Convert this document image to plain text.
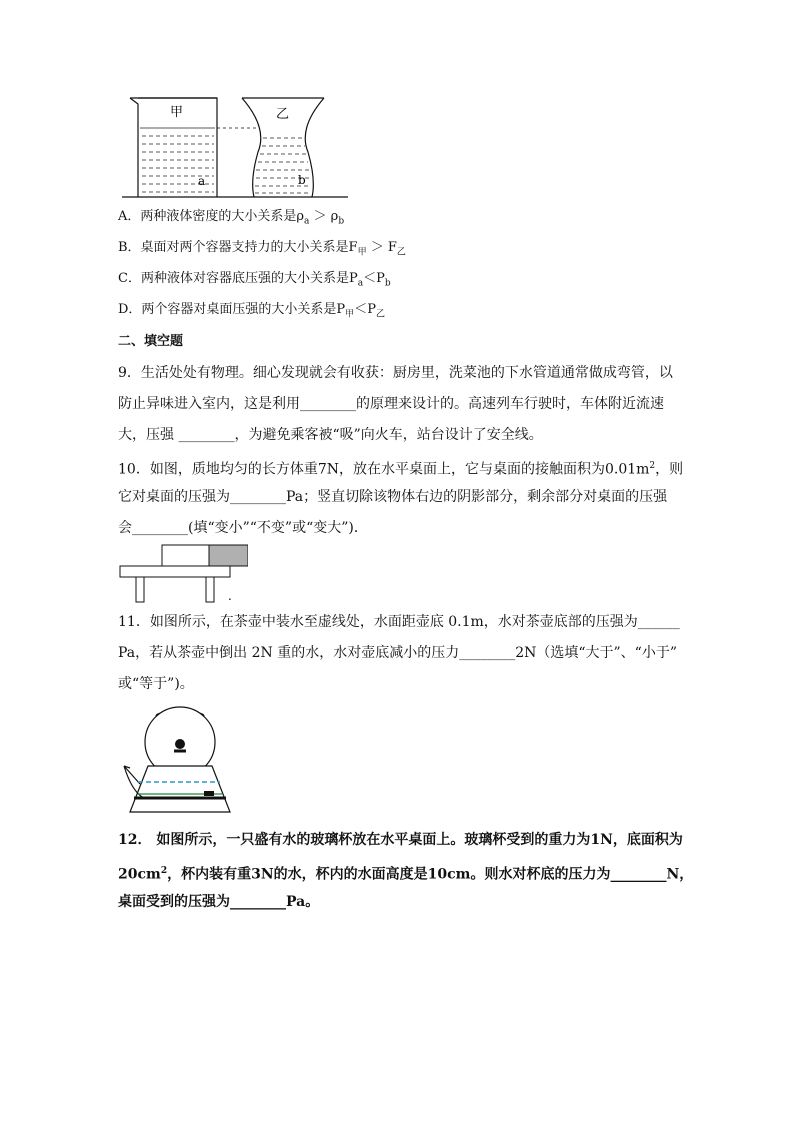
甲
a
乙
b
A．两种液体密度的大小关系是$\rho_a > \rho_b$
B．桌面对两个容器支持力的大小关系是$F_甲 > F_乙$
C．两种液体对容器底压强的大小关系是$P_a<P_b$
D．两个容器对桌面压强的大小关系是$P_甲<P_乙$
二、填空题
9．生活处处有物理。细心发现就会有收获：厨房里，洗菜池的下水管道通常做成弯管，以
防止异味进入室内，这是利用________的原理来设计的。高速列车行驶时，车体附近流速
大，压强 ________，为避免乘客被“吸”向火车，站台设计了安全线。
10．如图，质地均匀的长方体重7N，放在水平桌面上，它与桌面的接触面积为$0.01m^2$，则
它对桌面的压强为________Pa；竖直切除该物体右边的阴影部分，剩余部分对桌面的压强
会________(填“变小”“不变”或“变大”)．
.
11．如图所示，在茶壶中装水至虚线处，水面距壶底 0.1m，水对茶壶底部的压强为______
Pa，若从茶壶中倒出 2N 重的水，水对壶底减小的压力________2N（选填“大于”、“小于”
或“等于”)。
12． 如图所示，一只盛有水的玻璃杯放在水平桌面上。玻璃杯受到的重力为1N，底面积为
$20cm^2$，杯内装有重3N的水，杯内的水面高度是10cm。则水对杯底的压力为________N，
桌面受到的压强为________Pa。
